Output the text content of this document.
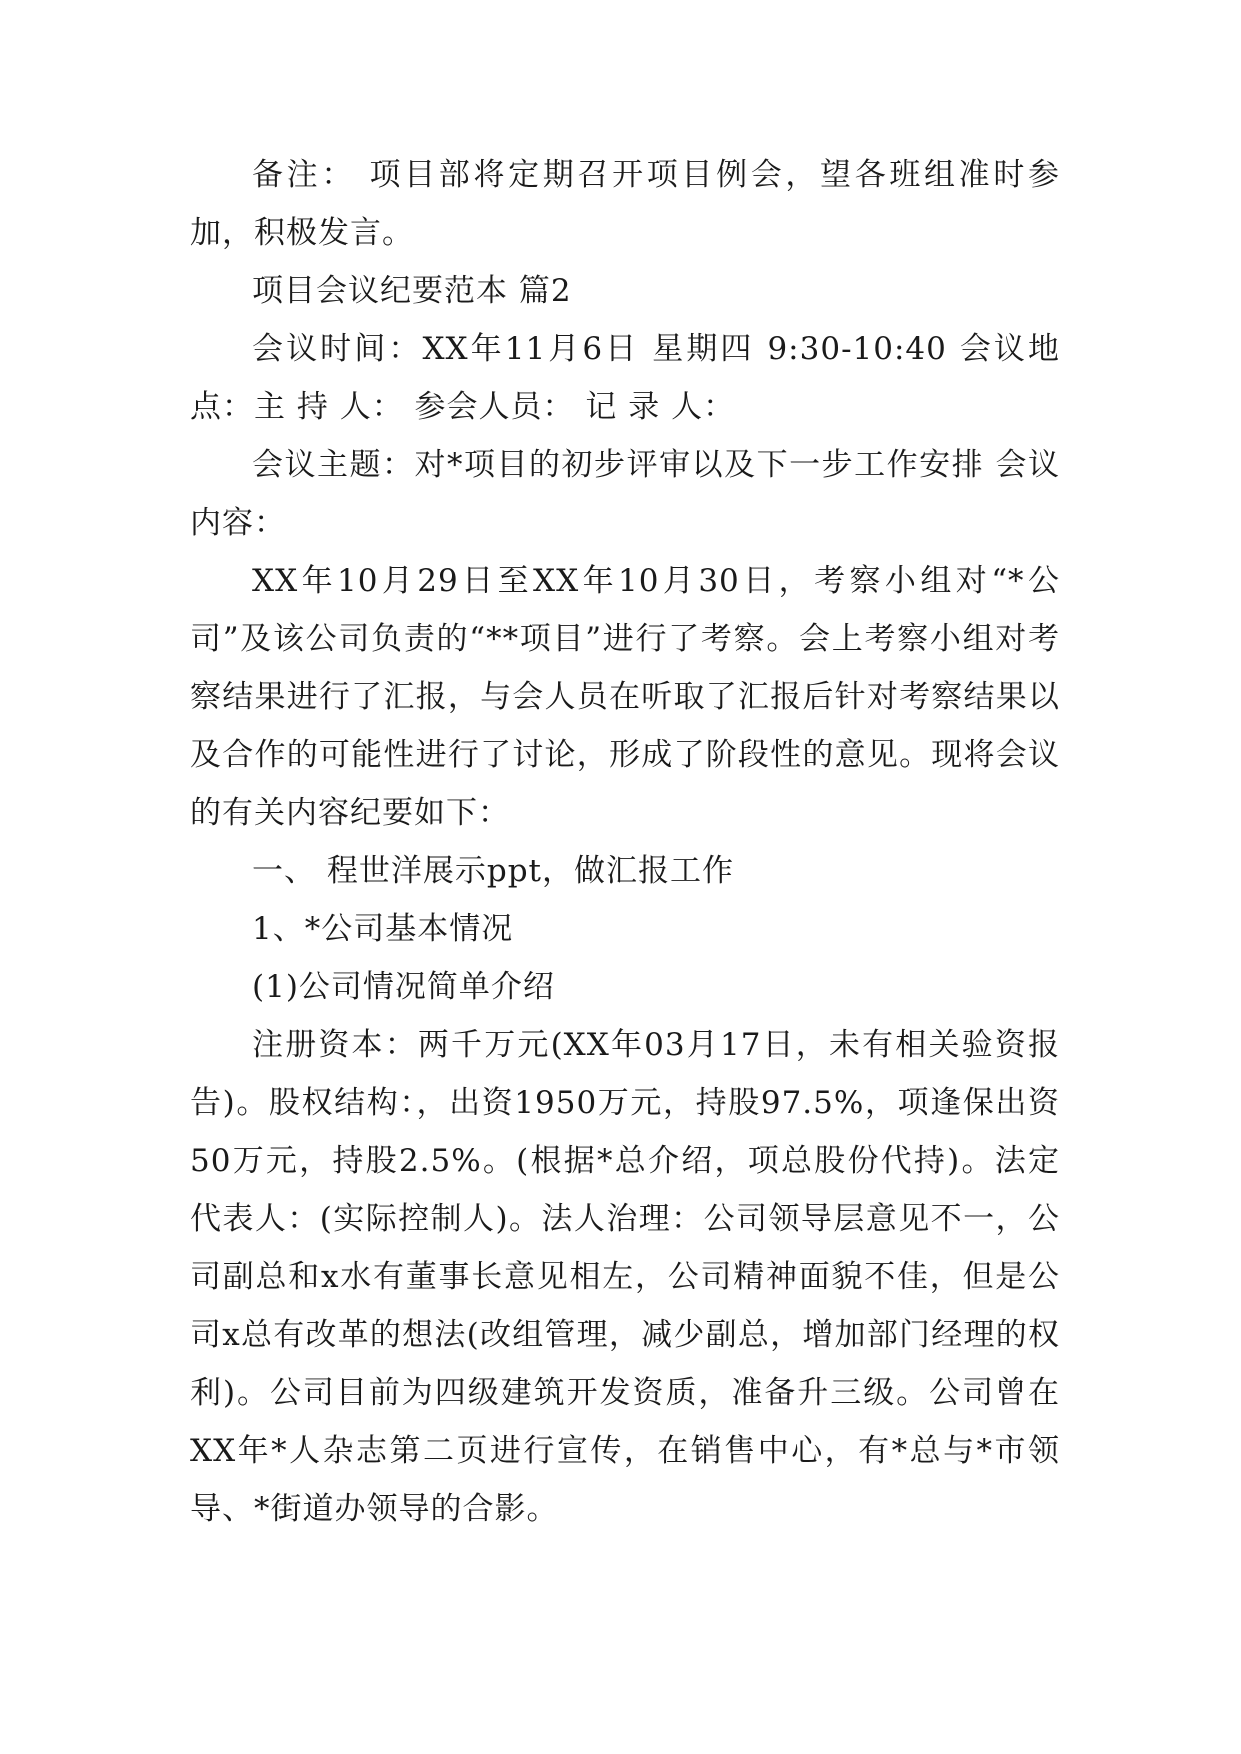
备注： 项目部将定期召开项目例会，望各班组准时参加，积极发言。

项目会议纪要范本 篇2

会议时间：XX年11月6日 星期四 9:30-10:40 会议地点：主 持 人： 参会人员： 记 录 人：

会议主题：对*项目的初步评审以及下一步工作安排 会议内容：

XX年10月29日至XX年10月30日，考察小组对“*公司”及该公司负责的“**项目”进行了考察。会上考察小组对考察结果进行了汇报，与会人员在听取了汇报后针对考察结果以及合作的可能性进行了讨论，形成了阶段性的意见。现将会议的有关内容纪要如下：

一、 程世洋展示ppt，做汇报工作

1、*公司基本情况

(1)公司情况简单介绍

注册资本：两千万元(XX年03月17日，未有相关验资报告)。股权结构：，出资1950万元，持股97.5%，项逢保出资50万元，持股2.5%。(根据*总介绍，项总股份代持)。法定代表人：(实际控制人)。法人治理：公司领导层意见不一，公司副总和x水有董事长意见相左，公司精神面貌不佳，但是公司x总有改革的想法(改组管理，减少副总，增加部门经理的权利)。公司目前为四级建筑开发资质，准备升三级。公司曾在XX年*人杂志第二页进行宣传，在销售中心，有*总与*市领导、*街道办领导的合影。
